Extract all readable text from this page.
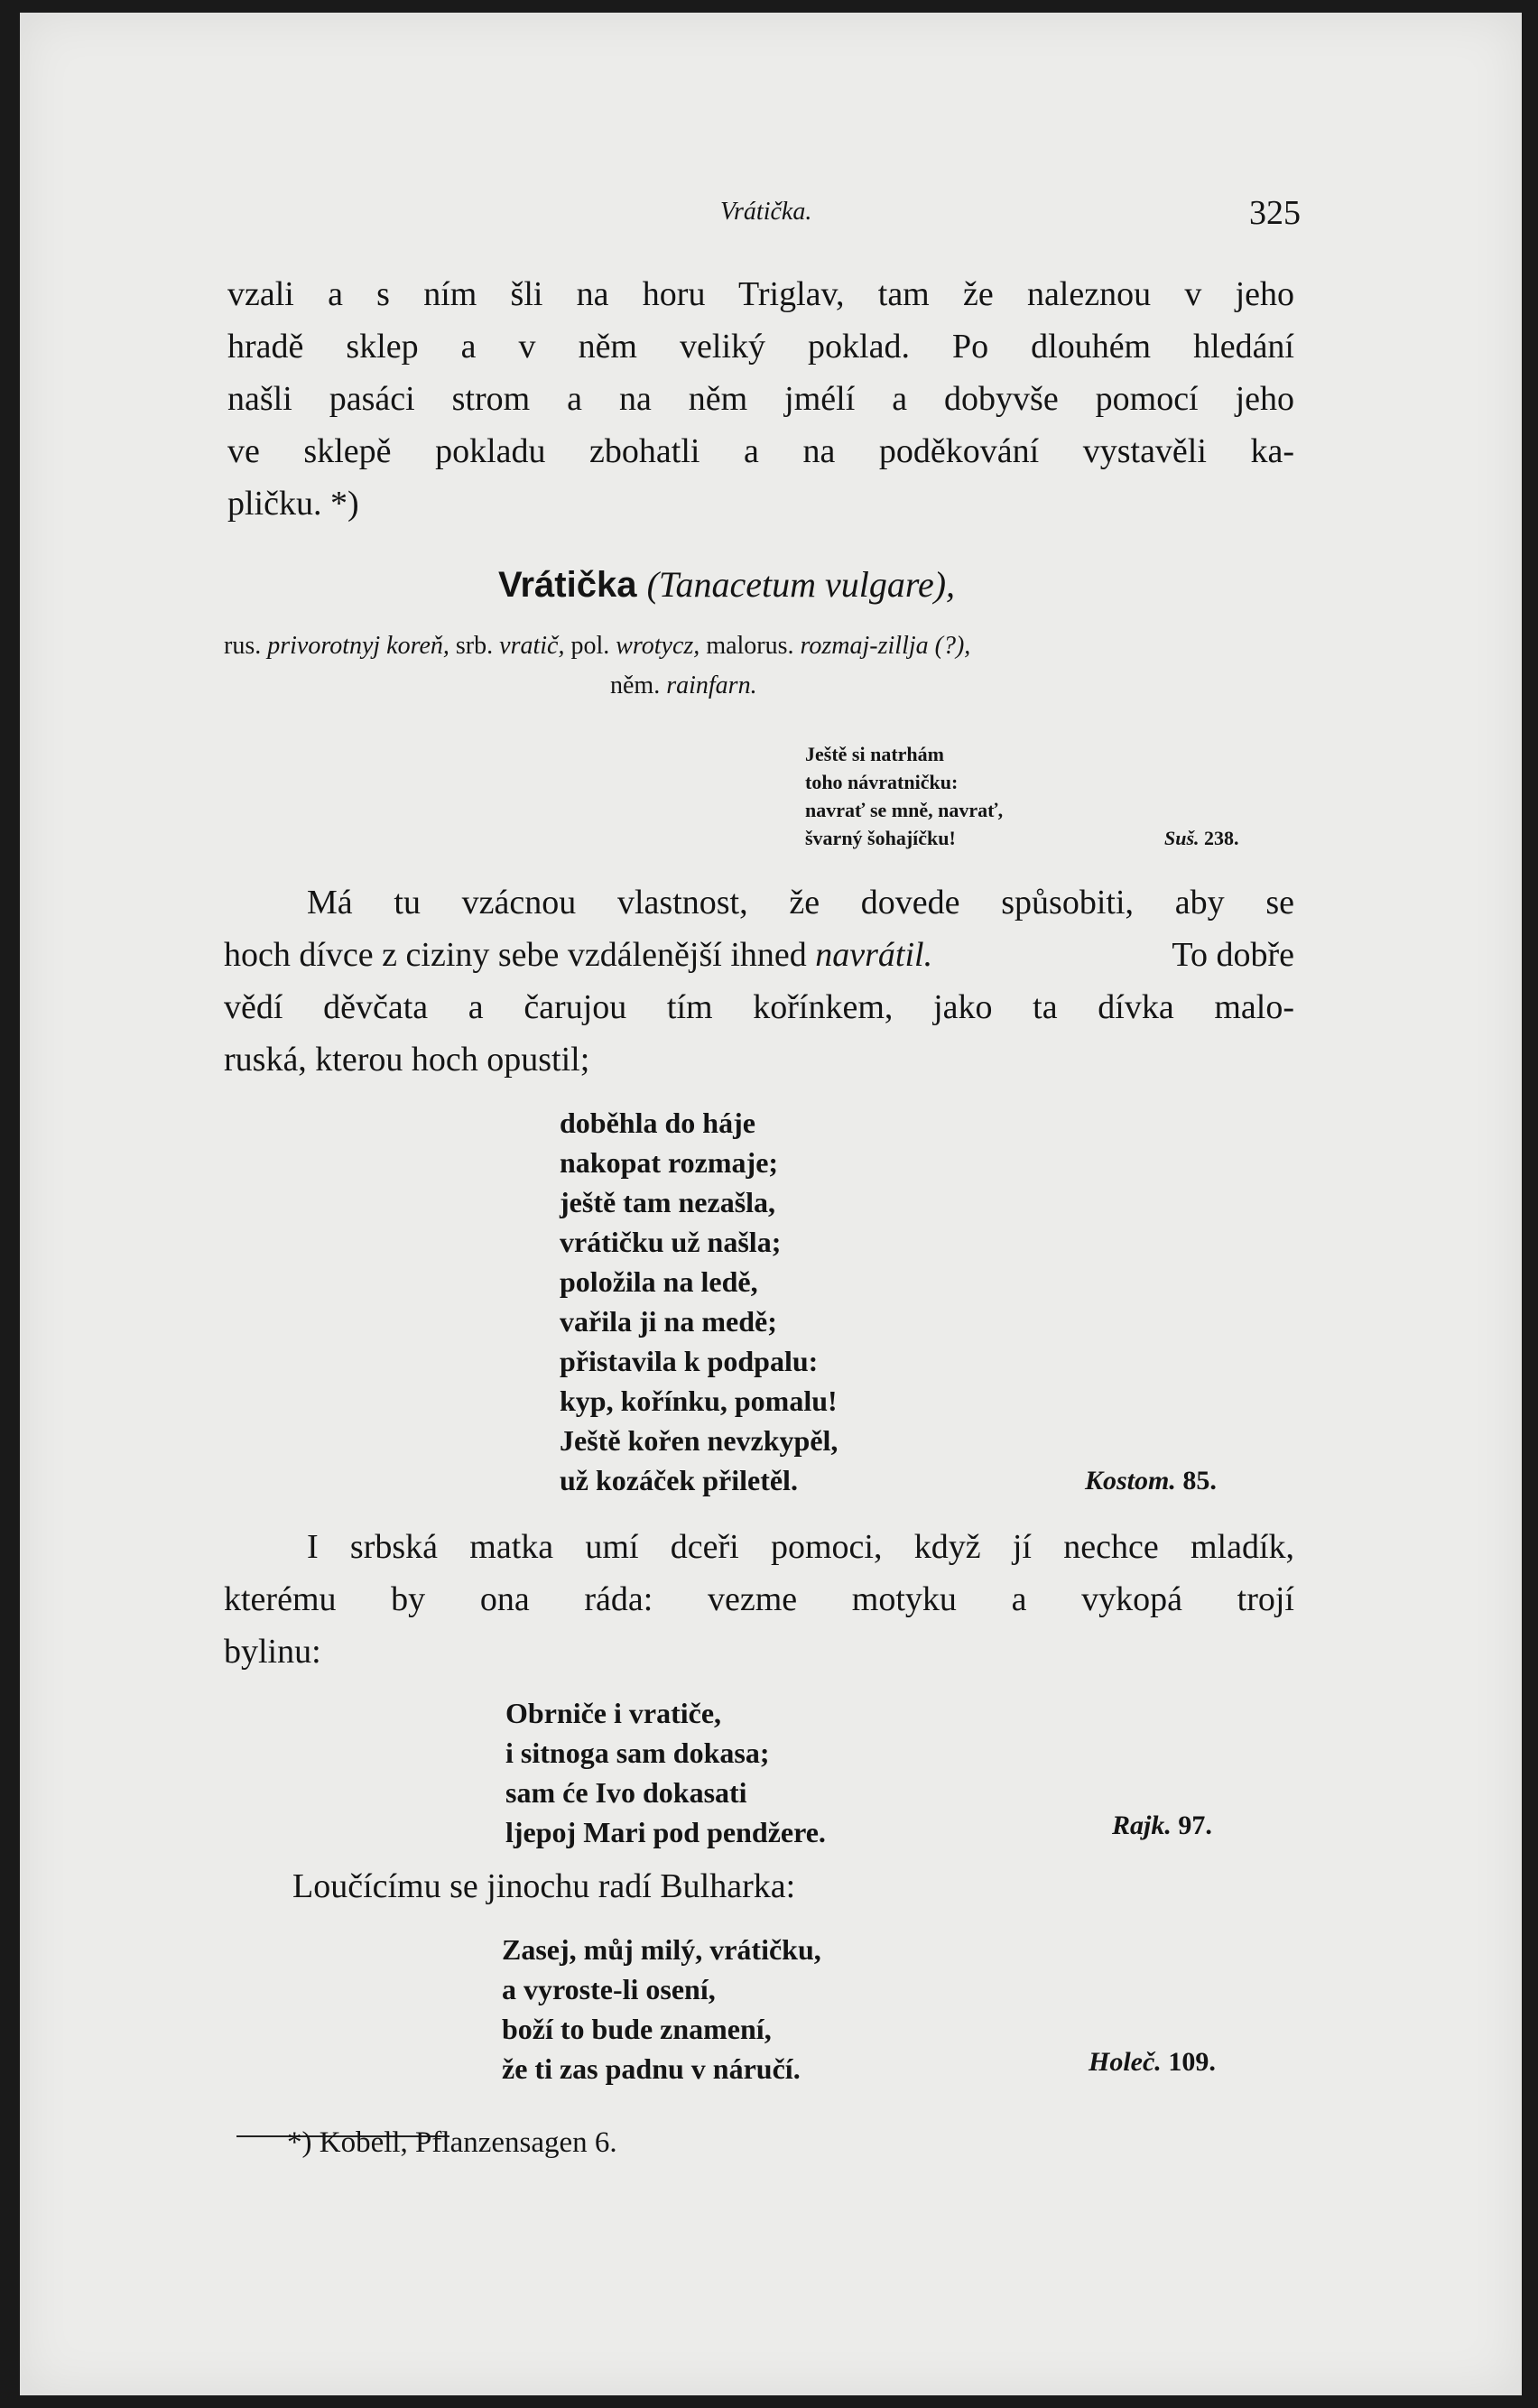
Vrátička.	325
vzali a s ním šli na horu Triglav, tam že naleznou v jeho
hradě sklep a v něm veliký poklad. Po dlouhém hledání
našli pasáci strom a na něm jmélí a dobyvše pomocí jeho
ve sklepě pokladu zbohatli a na poděkování vystavěli ka-
pličku. *)
Vrátička (Tanacetum vulgare),
rus. privorotnyj koreň, srb. vratič, pol. wrotycz, malorus. rozmaj-zillja (?),
něm. rainfarn.
Ještě si natrhám
toho návratničku:
navrať se mně, navrať,
švarný šohajíčku!	Suš. 238.
Má tu vzácnou vlastnost, že dovede spůsobiti, aby se
hoch dívce z ciziny sebe vzdálenější ihned navrátil.	To dobře
vědí děvčata a čarujou tím kořínkem, jako ta dívka malo-
ruská, kterou hoch opustil;
doběhla do háje
nakopat rozmaje;
ještě tam nezašla,
vrátičku už našla;
položila na ledě,
vařila ji na medě;
přistavila k podpalu:
kyp, kořínku, pomalu!
Ještě kořen nevzkypěl,
už kozáček přiletěl.	Kostom. 85.
I srbská matka umí dceři pomoci, když jí nechce mladík,
kterému by ona ráda: vezme motyku a vykopá trojí
bylinu:
Obrniče i vratiče,
i sitnoga sam dokasa;
sam će Ivo dokasati
ljepoj Mari pod pendžere.	Rajk. 97.
Loučícímu se jinochu radí Bulharka:
Zasej, můj milý, vrátičku,
a vyroste-li osení,
boží to bude znamení,
že ti zas padnu v náručí.	Holeč. 109.
*) Kobell, Pflanzensagen 6.
